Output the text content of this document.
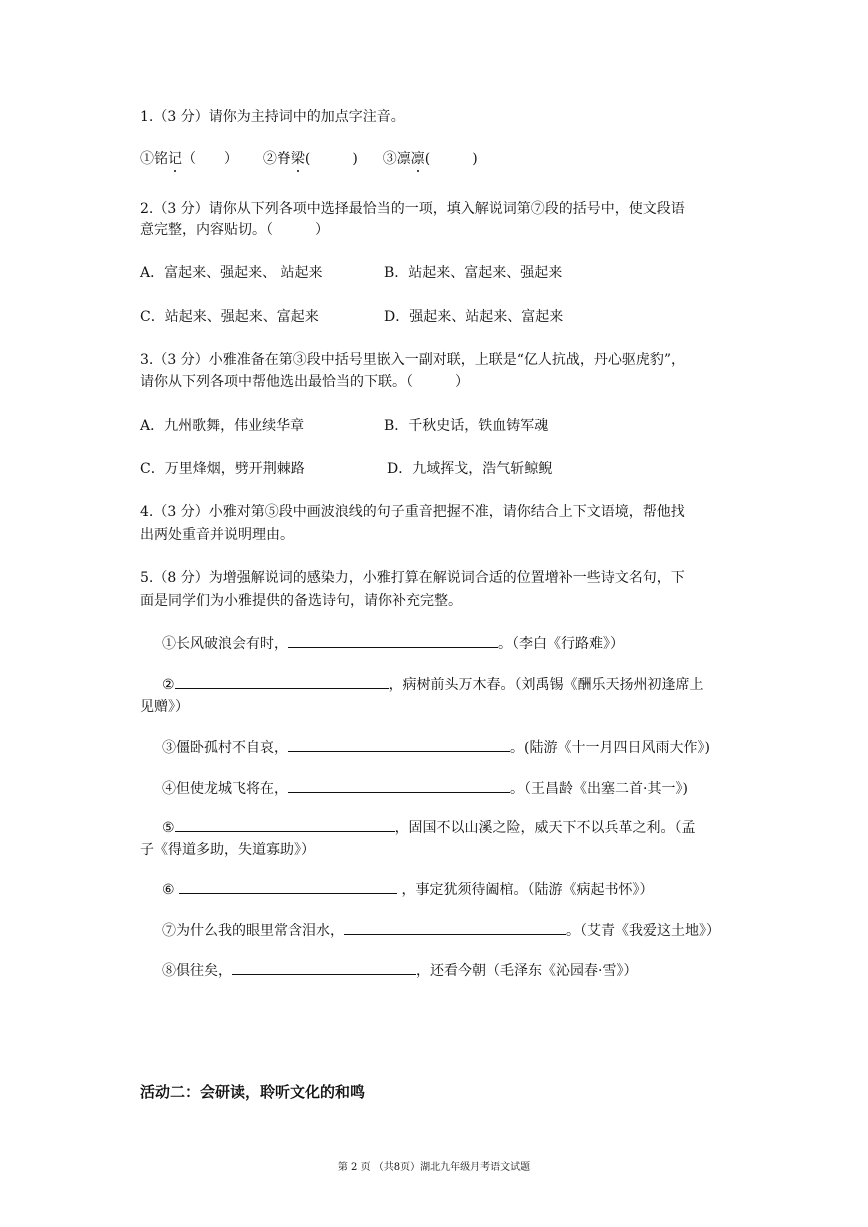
1.（3 分）请你为主持词中的加点字注音。
①铭记（　　） ②脊梁(　　　) ③凛凛(　　　)
2.（3 分）请你从下列各项中选择最恰当的一项，填入解说词第⑦段的括号中，使文段语
意完整，内容贴切。（　　　）
A．富起来、强起来、 站起来	B．站起来、富起来、强起来
C．站起来、强起来、富起来	D．强起来、站起来、富起来
3.（3 分）小雅准备在第③段中括号里嵌入一副对联，上联是“亿人抗战，丹心驱虎豹”，
请你从下列各项中帮他选出最恰当的下联。（　　　）
A．九州歌舞，伟业续华章	B．千秋史话，铁血铸军魂
C．万里烽烟，劈开荆棘路	D．九域挥戈，浩气斩鲸鲵
4.（3 分）小雅对第⑤段中画波浪线的句子重音把握不准，请你结合上下文语境，帮他找
出两处重音并说明理由。
5.（8 分）为增强解说词的感染力，小雅打算在解说词合适的位置增补一些诗文名句，下
面是同学们为小雅提供的备选诗句，请你补充完整。
①长风破浪会有时，	。（李白《行路难》）
②	，病树前头万木春。（刘禹锡《酬乐天扬州初逢席上
见赠》）
③僵卧孤村不自哀，	。(陆游《十一月四日风雨大作》)
④但使龙城飞将在，	。（王昌龄《出塞二首·其一》)
⑤	，固国不以山溪之险，威天下不以兵革之利。（孟
子《得道多助，失道寡助》）
⑥	，事定犹须待阖棺。（陆游《病起书怀》）
⑦为什么我的眼里常含泪水，	。（艾青《我爱这土地》）
⑧俱往矣，	，还看今朝（毛泽东《沁园春·雪》）
活动二：会研读，聆听文化的和鸣
第 2 页 （共8页）湖北九年级月考语文试题
